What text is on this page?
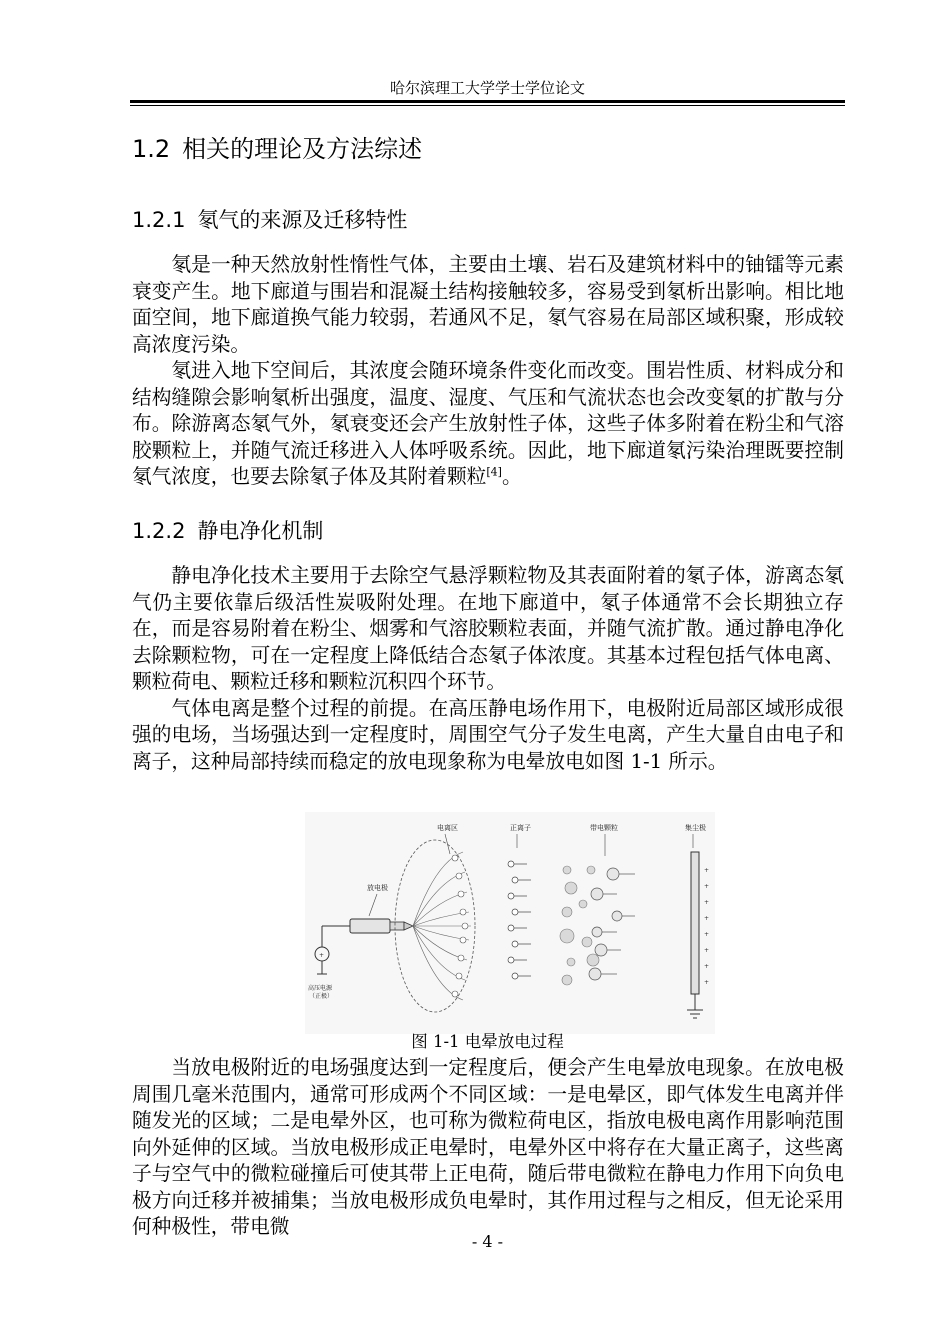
哈尔滨理工大学学士学位论文
1.2 相关的理论及方法综述
1.2.1 氡气的来源及迁移特性

氡是一种天然放射性惰性气体，主要由土壤、岩石及建筑材料中的铀镭等元素衰变产生。地下廊道与围岩和混凝土结构接触较多，容易受到氡析出影响。相比地面空间，地下廊道换气能力较弱，若通风不足，氡气容易在局部区域积聚，形成较高浓度污染。

氡进入地下空间后，其浓度会随环境条件变化而改变。围岩性质、材料成分和结构缝隙会影响氡析出强度，温度、湿度、气压和气流状态也会改变氡的扩散与分布。除游离态氡气外，氡衰变还会产生放射性子体，这些子体多附着在粉尘和气溶胶颗粒上，并随气流迁移进入人体呼吸系统。因此，地下廊道氡污染治理既要控制氡气浓度，也要去除氡子体及其附着颗粒[4]。

1.2.2 静电净化机制

静电净化技术主要用于去除空气悬浮颗粒物及其表面附着的氡子体，游离态氡气仍主要依靠后级活性炭吸附处理。在地下廊道中，氡子体通常不会长期独立存在，而是容易附着在粉尘、烟雾和气溶胶颗粒表面，并随气流扩散。通过静电净化去除颗粒物，可在一定程度上降低结合态氡子体浓度。其基本过程包括气体电离、颗粒荷电、颗粒迁移和颗粒沉积四个环节。

气体电离是整个过程的前提。在高压静电场作用下，电极附近局部区域形成很强的电场，当场强达到一定程度时，周围空气分子发生电离，产生大量自由电子和离子，这种局部持续而稳定的放电现象称为电晕放电如图 1-1 所示。

电离区	正离子	带电颗粒	集尘极
放电极
+
高压电源
（正极）
+
+
+
+
+
+
+
+
图 1-1 电晕放电过程

当放电极附近的电场强度达到一定程度后，便会产生电晕放电现象。在放电极周围几毫米范围内，通常可形成两个不同区域：一是电晕区，即气体发生电离并伴随发光的区域；二是电晕外区，也可称为微粒荷电区，指放电极电离作用影响范围向外延伸的区域。当放电极形成正电晕时，电晕外区中将存在大量正离子，这些离子与空气中的微粒碰撞后可使其带上正电荷，随后带电微粒在静电力作用下向负电极方向迁移并被捕集；当放电极形成负电晕时，其作用过程与之相反，但无论采用何种极性，带电微

- 4 -
